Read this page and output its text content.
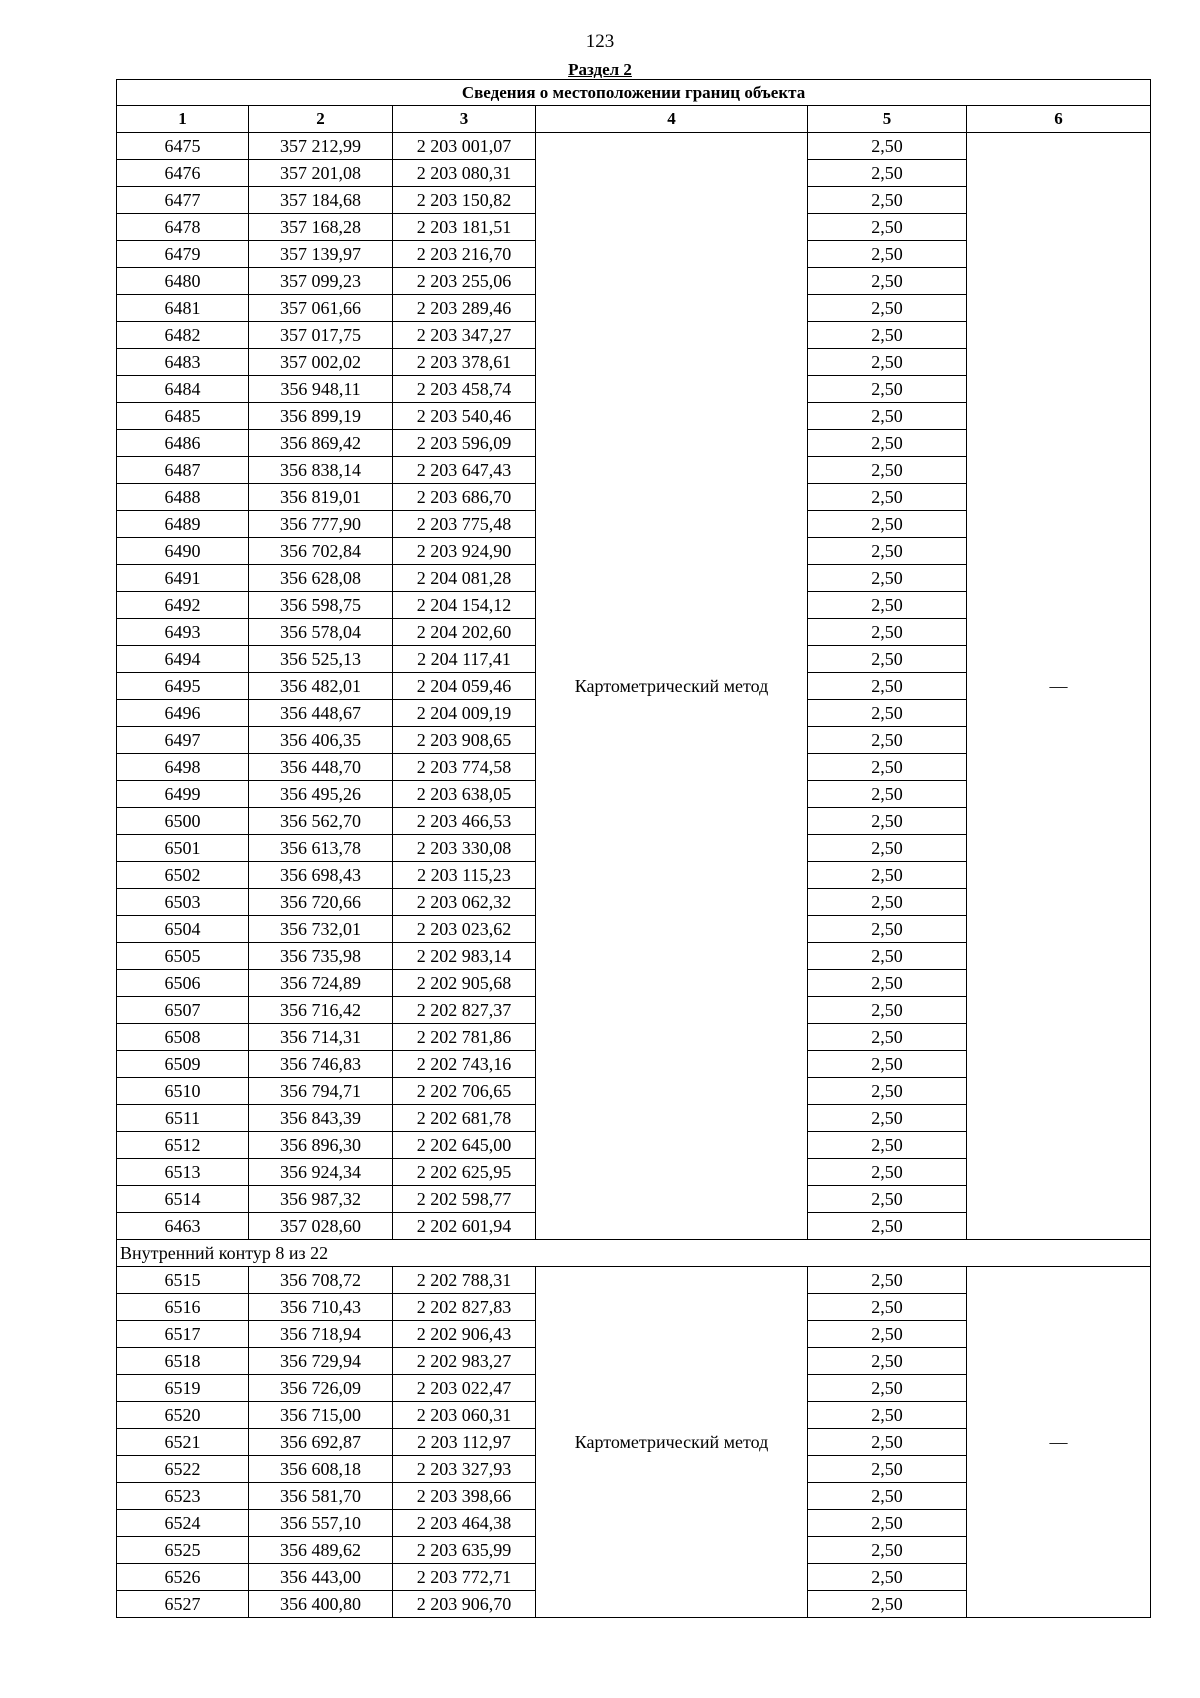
123
Раздел 2
Сведения о местоположении границ объекта					
1	2	3	4	5	6
6475	357 212,99	2 203 001,07	Картометрический метод	2,50	—
6476	357 201,08	2 203 080,31		2,50	
6477	357 184,68	2 203 150,82		2,50	
6478	357 168,28	2 203 181,51		2,50	
6479	357 139,97	2 203 216,70		2,50	
6480	357 099,23	2 203 255,06		2,50	
6481	357 061,66	2 203 289,46		2,50	
6482	357 017,75	2 203 347,27		2,50	
6483	357 002,02	2 203 378,61		2,50	
6484	356 948,11	2 203 458,74		2,50	
6485	356 899,19	2 203 540,46		2,50	
6486	356 869,42	2 203 596,09		2,50	
6487	356 838,14	2 203 647,43		2,50	
6488	356 819,01	2 203 686,70		2,50	
6489	356 777,90	2 203 775,48		2,50	
6490	356 702,84	2 203 924,90		2,50	
6491	356 628,08	2 204 081,28		2,50	
6492	356 598,75	2 204 154,12		2,50	
6493	356 578,04	2 204 202,60		2,50	
6494	356 525,13	2 204 117,41		2,50	
6495	356 482,01	2 204 059,46		2,50	
6496	356 448,67	2 204 009,19		2,50	
6497	356 406,35	2 203 908,65		2,50	
6498	356 448,70	2 203 774,58		2,50	
6499	356 495,26	2 203 638,05		2,50	
6500	356 562,70	2 203 466,53		2,50	
6501	356 613,78	2 203 330,08		2,50	
6502	356 698,43	2 203 115,23		2,50	
6503	356 720,66	2 203 062,32		2,50	
6504	356 732,01	2 203 023,62		2,50	
6505	356 735,98	2 202 983,14		2,50	
6506	356 724,89	2 202 905,68		2,50	
6507	356 716,42	2 202 827,37		2,50	
6508	356 714,31	2 202 781,86		2,50	
6509	356 746,83	2 202 743,16		2,50	
6510	356 794,71	2 202 706,65		2,50	
6511	356 843,39	2 202 681,78		2,50	
6512	356 896,30	2 202 645,00		2,50	
6513	356 924,34	2 202 625,95		2,50	
6514	356 987,32	2 202 598,77		2,50	
6463	357 028,60	2 202 601,94		2,50	
Внутренний контур 8 из 22					
6515	356 708,72	2 202 788,31	Картометрический метод	2,50	—
6516	356 710,43	2 202 827,83		2,50	
6517	356 718,94	2 202 906,43		2,50	
6518	356 729,94	2 202 983,27		2,50	
6519	356 726,09	2 203 022,47		2,50	
6520	356 715,00	2 203 060,31		2,50	
6521	356 692,87	2 203 112,97		2,50	
6522	356 608,18	2 203 327,93		2,50	
6523	356 581,70	2 203 398,66		2,50	
6524	356 557,10	2 203 464,38		2,50	
6525	356 489,62	2 203 635,99		2,50	
6526	356 443,00	2 203 772,71		2,50	
6527	356 400,80	2 203 906,70		2,50	
